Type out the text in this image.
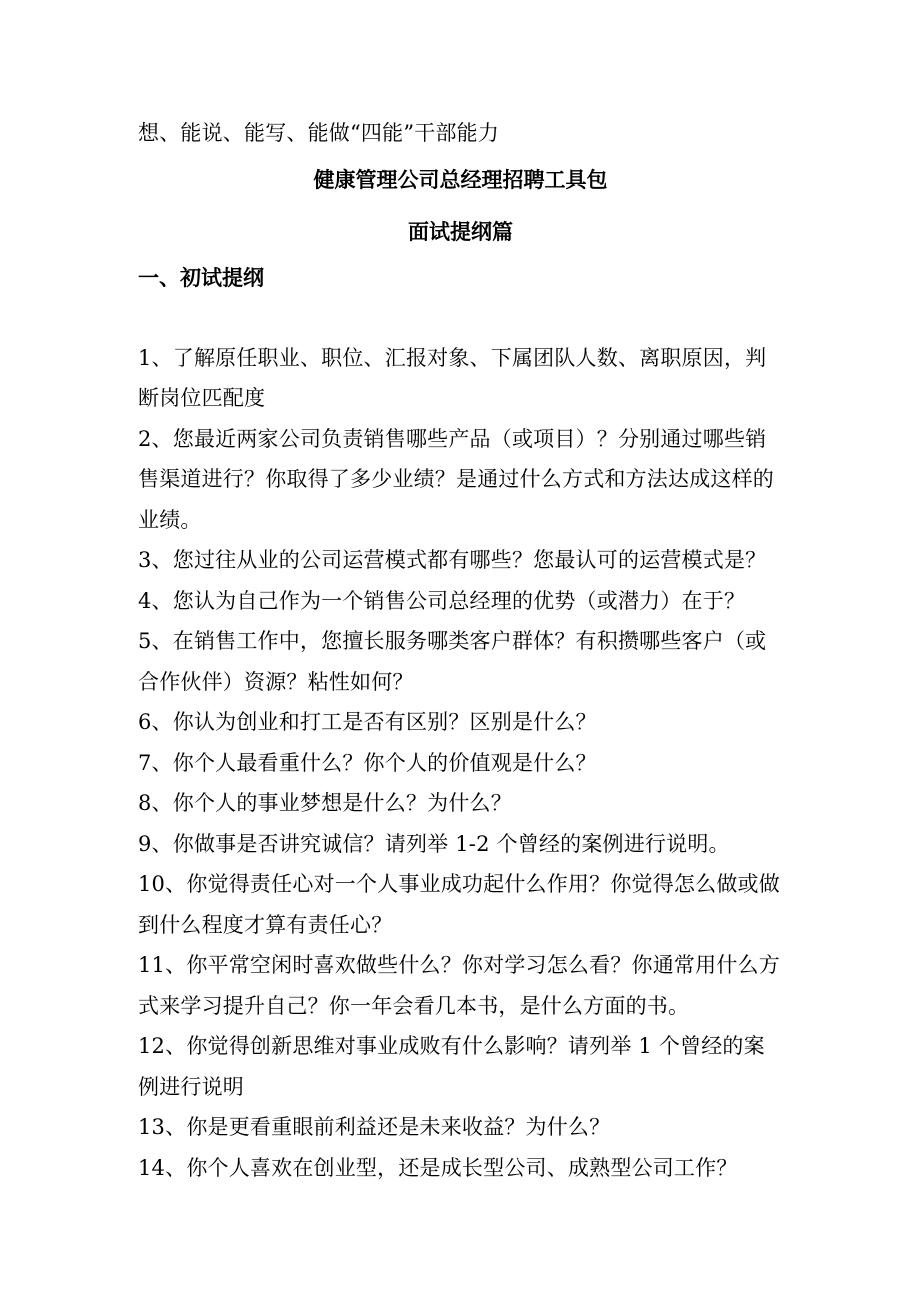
想、能说、能写、能做“四能”干部能力
健康管理公司总经理招聘工具包
面试提纲篇
一、初试提纲
1、了解原任职业、职位、汇报对象、下属团队人数、离职原因，判断岗位匹配度
2、您最近两家公司负责销售哪些产品（或项目）？分别通过哪些销售渠道进行？你取得了多少业绩？是通过什么方式和方法达成这样的业绩。
3、您过往从业的公司运营模式都有哪些？您最认可的运营模式是？
4、您认为自己作为一个销售公司总经理的优势（或潜力）在于？
5、在销售工作中，您擅长服务哪类客户群体？有积攒哪些客户（或合作伙伴）资源？粘性如何？
6、你认为创业和打工是否有区别？区别是什么？
7、你个人最看重什么？你个人的价值观是什么？
8、你个人的事业梦想是什么？为什么？
9、你做事是否讲究诚信？请列举 1-2 个曾经的案例进行说明。
10、你觉得责任心对一个人事业成功起什么作用？你觉得怎么做或做到什么程度才算有责任心？
11、你平常空闲时喜欢做些什么？你对学习怎么看？你通常用什么方式来学习提升自己？你一年会看几本书，是什么方面的书。
12、你觉得创新思维对事业成败有什么影响？请列举 1 个曾经的案例进行说明
13、你是更看重眼前利益还是未来收益？为什么？
14、你个人喜欢在创业型，还是成长型公司、成熟型公司工作？
